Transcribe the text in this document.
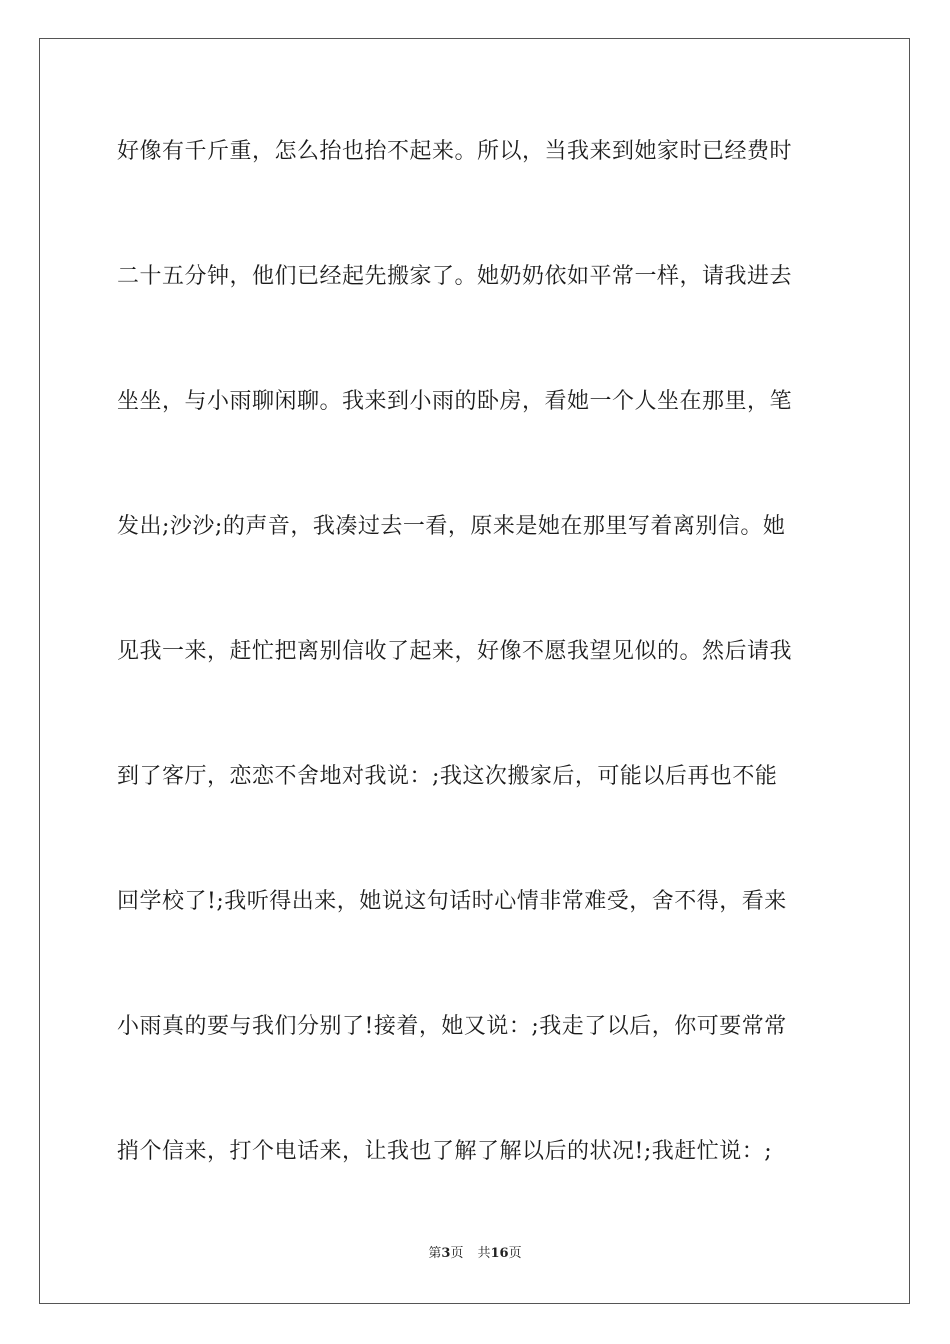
好像有千斤重，怎么抬也抬不起来。所以，当我来到她家时已经费时
二十五分钟，他们已经起先搬家了。她奶奶依如平常一样，请我进去
坐坐，与小雨聊闲聊。我来到小雨的卧房，看她一个人坐在那里，笔
发出;沙沙;的声音，我凑过去一看，原来是她在那里写着离别信。她
见我一来，赶忙把离别信收了起来，好像不愿我望见似的。然后请我
到了客厅，恋恋不舍地对我说：;我这次搬家后，可能以后再也不能
回学校了!;我听得出来，她说这句话时心情非常难受，舍不得，看来
小雨真的要与我们分别了!接着，她又说：;我走了以后，你可要常常
捎个信来，打个电话来，让我也了解了解以后的状况!;我赶忙说：;
第3页 共16页
